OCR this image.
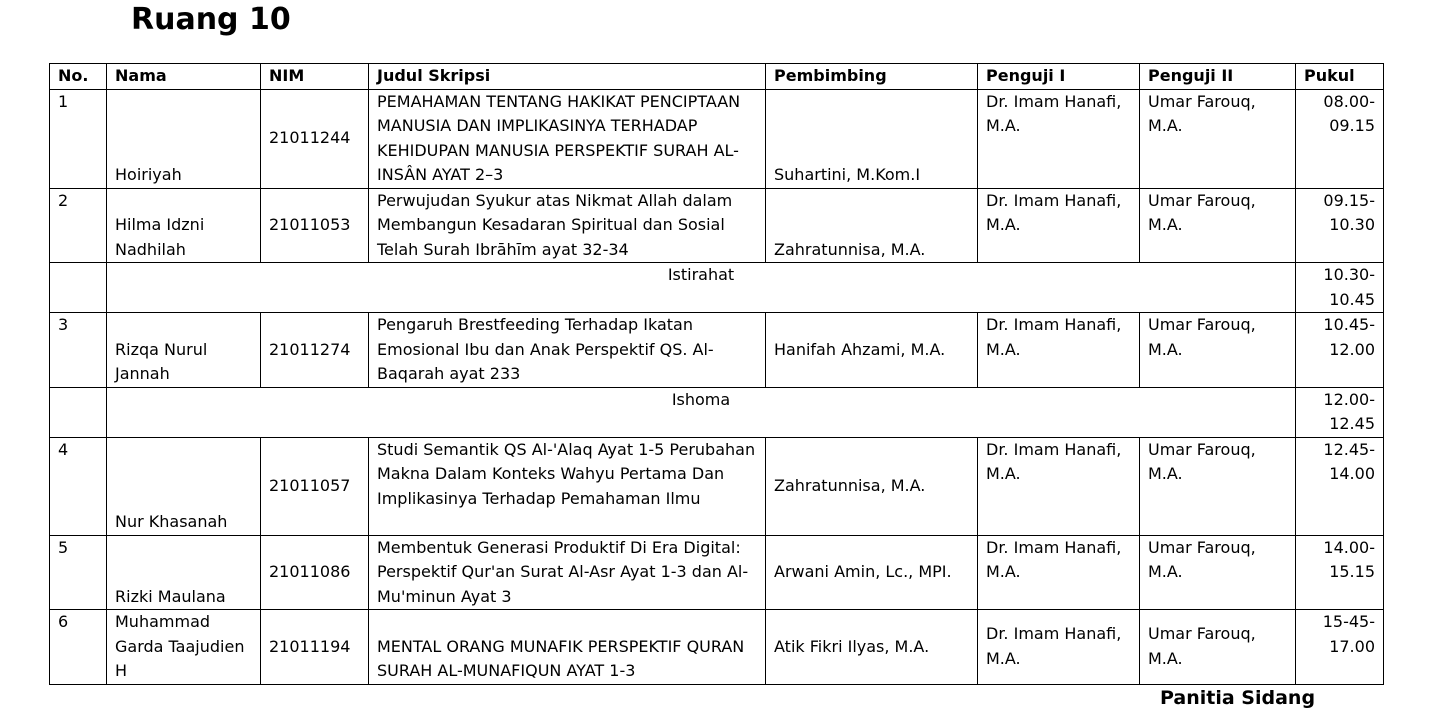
Ruang 10
No.	Nama	NIM	Judul Skripsi	Pembimbing	Penguji I	Penguji II	Pukul
1	Hoiriyah	21011244	PEMAHAMAN TENTANG HAKIKAT PENCIPTAAN MANUSIA DAN IMPLIKASINYA TERHADAP KEHIDUPAN MANUSIA PERSPEKTIF SURAH AL-INSÂN AYAT 2–3	Suhartini, M.Kom.I	Dr. Imam Hanafi, M.A.	Umar Farouq, M.A.	08.00-09.15
2	Hilma Idzni Nadhilah	21011053	Perwujudan Syukur atas Nikmat Allah dalam Membangun Kesadaran Spiritual dan Sosial Telah Surah Ibrāhīm ayat 32-34	Zahratunnisa, M.A.	Dr. Imam Hanafi, M.A.	Umar Farouq, M.A.	09.15-10.30
	Istirahat						10.30-10.45
3	Rizqa Nurul Jannah	21011274	Pengaruh Brestfeeding Terhadap Ikatan Emosional Ibu dan Anak Perspektif QS. Al-Baqarah ayat 233	Hanifah Ahzami, M.A.	Dr. Imam Hanafi, M.A.	Umar Farouq, M.A.	10.45-12.00
	Ishoma						12.00-12.45
4	Nur Khasanah	21011057	Studi Semantik QS Al-'Alaq Ayat 1-5 Perubahan Makna Dalam Konteks Wahyu Pertama Dan Implikasinya Terhadap Pemahaman Ilmu	Zahratunnisa, M.A.	Dr. Imam Hanafi, M.A.	Umar Farouq, M.A.	12.45-14.00
5	Rizki Maulana	21011086	Membentuk Generasi Produktif Di Era Digital: Perspektif Qur'an Surat Al-Asr Ayat 1-3 dan Al- Mu'minun Ayat 3	Arwani Amin, Lc., MPI.	Dr. Imam Hanafi, M.A.	Umar Farouq, M.A.	14.00-15.15
6	Muhammad Garda Taajudien H	21011194	MENTAL ORANG MUNAFIK PERSPEKTIF QURAN SURAH AL-MUNAFIQUN AYAT 1-3	Atik Fikri Ilyas, M.A.	Dr. Imam Hanafi, M.A.	Umar Farouq, M.A.	15-45-17.00
Panitia Sidang
